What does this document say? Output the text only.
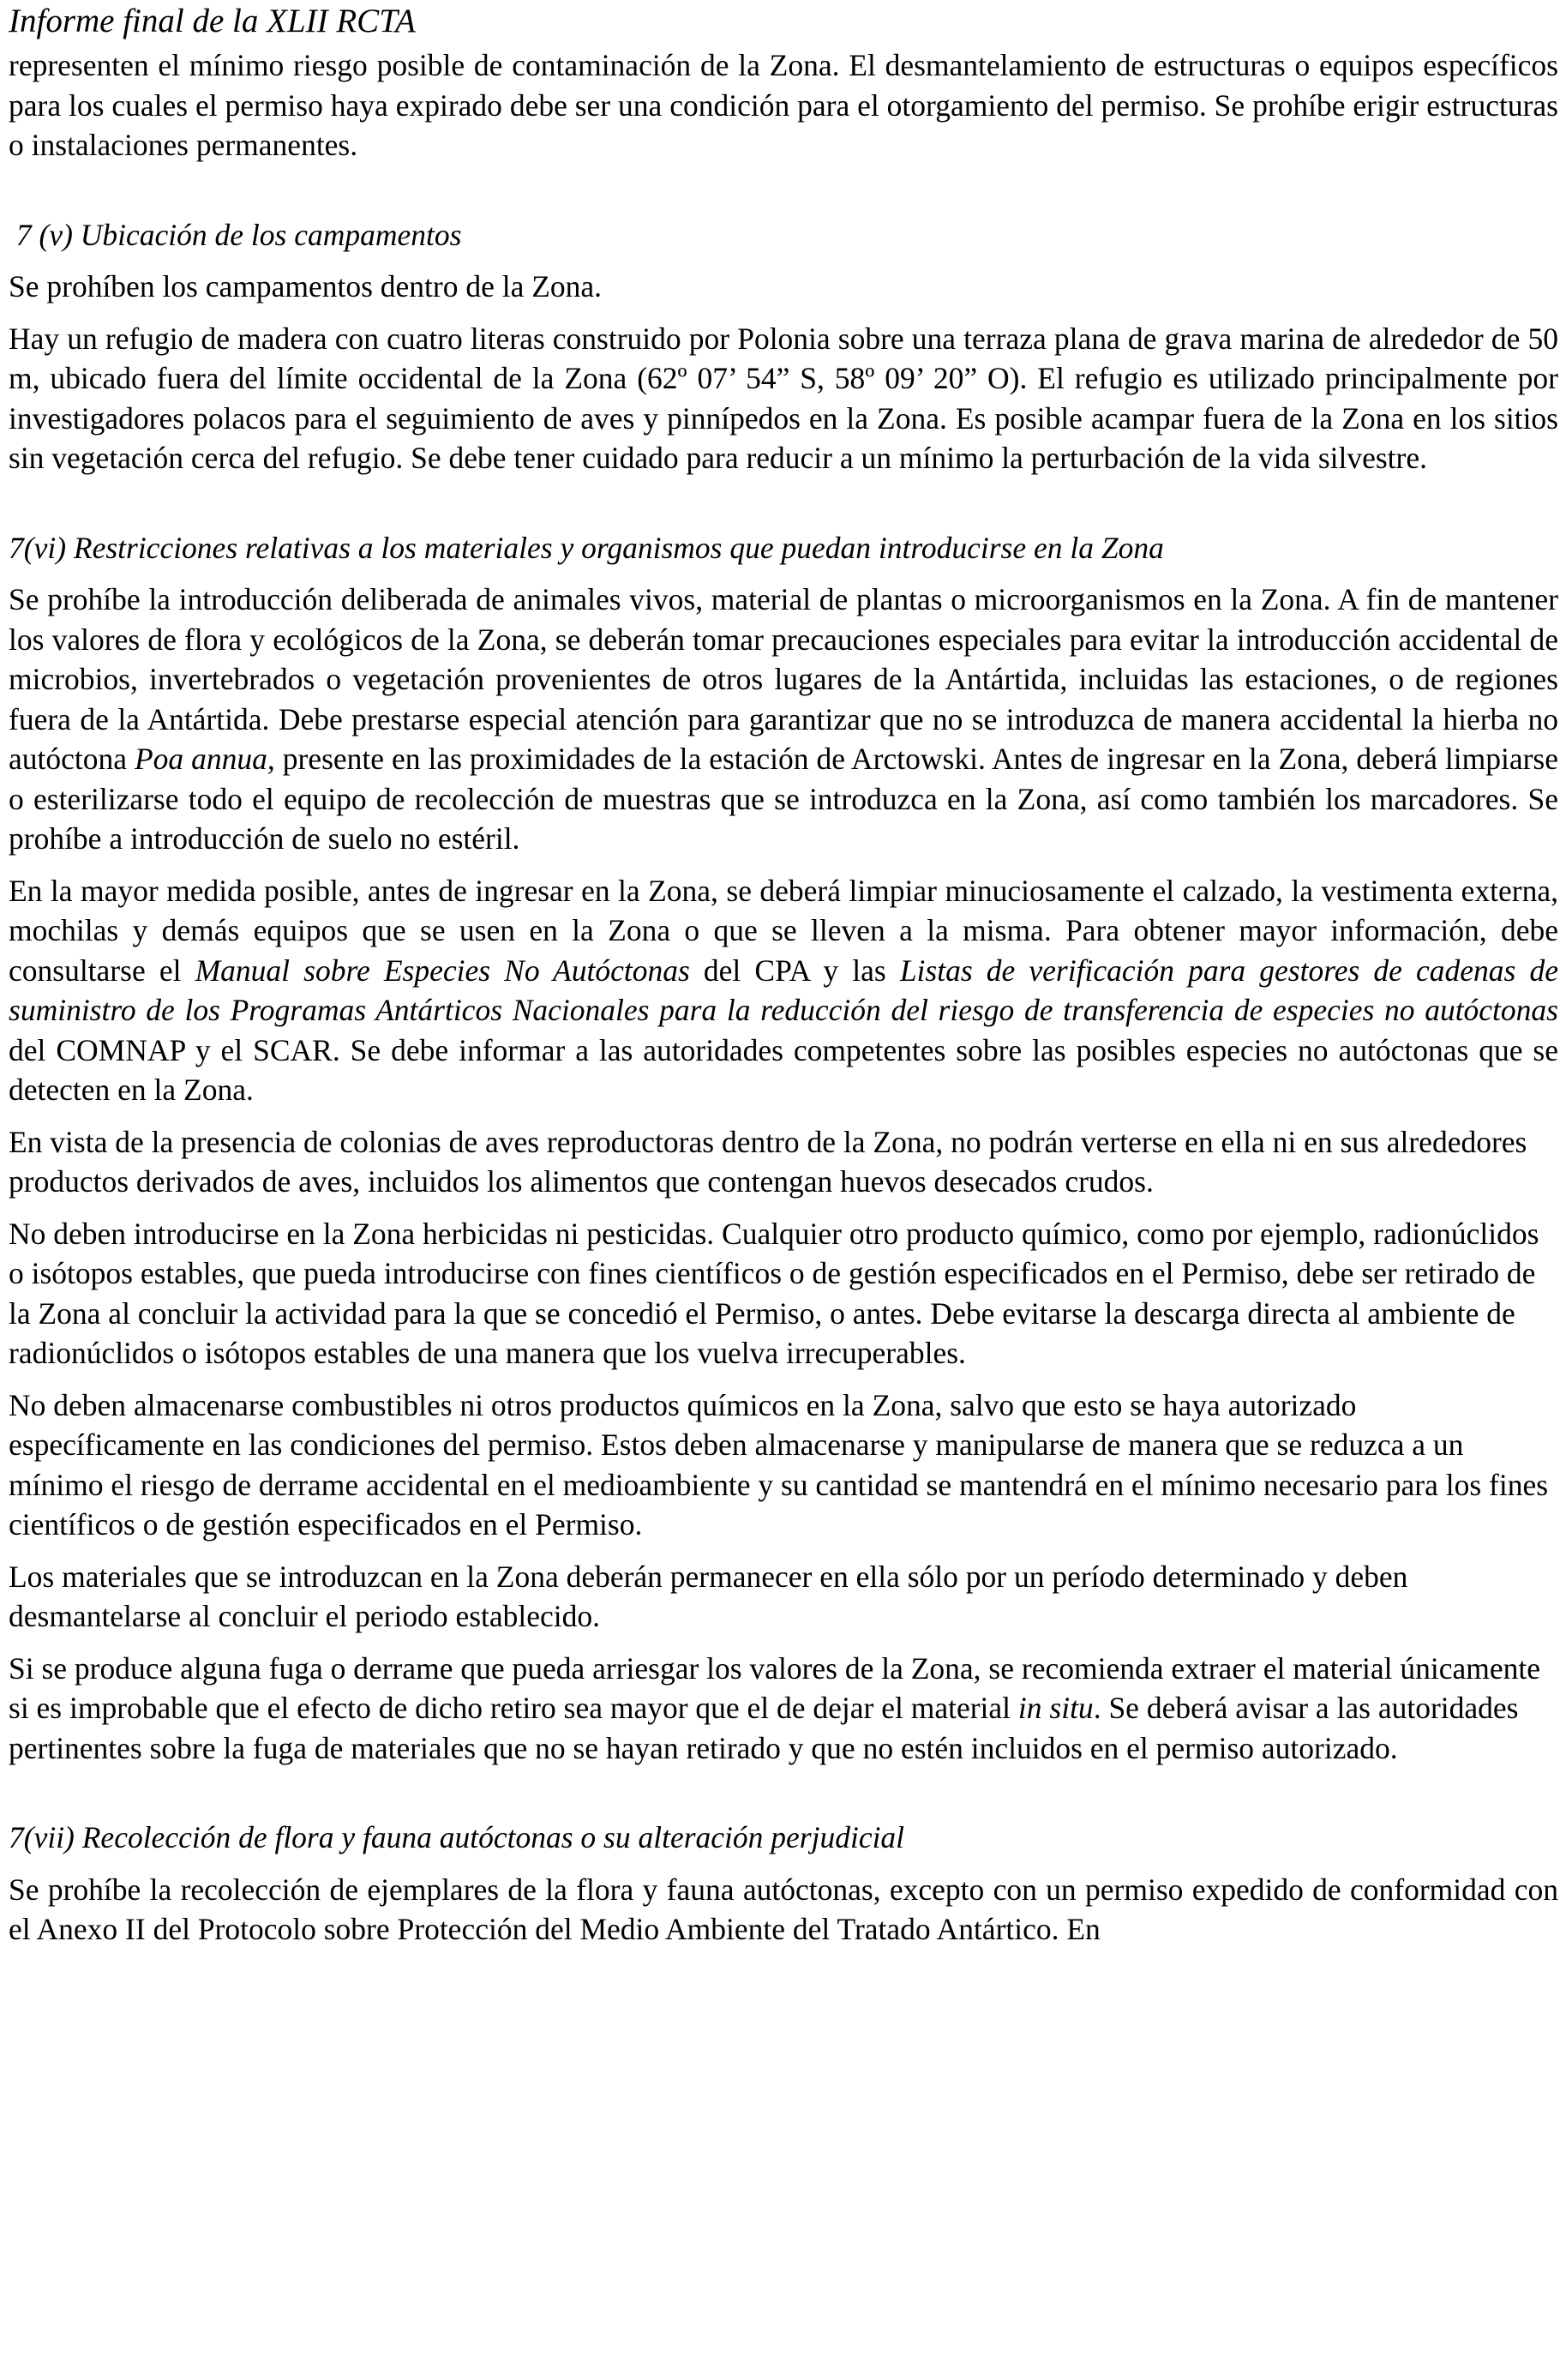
Informe final de la XLII RCTA

representen el mínimo riesgo posible de contaminación de la Zona. El desmantelamiento de estructuras o equipos específicos para los cuales el permiso haya expirado debe ser una condición para el otorgamiento del permiso. Se prohíbe erigir estructuras o instalaciones permanentes.

7 (v) Ubicación de los campamentos

Se prohíben los campamentos dentro de la Zona.

Hay un refugio de madera con cuatro literas construido por Polonia sobre una terraza plana de grava marina de alrededor de 50 m, ubicado fuera del límite occidental de la Zona (62º 07’ 54” S, 58º 09’ 20” O). El refugio es utilizado principalmente por investigadores polacos para el seguimiento de aves y pinnípedos en la Zona. Es posible acampar fuera de la Zona en los sitios sin vegetación cerca del refugio. Se debe tener cuidado para reducir a un mínimo la perturbación de la vida silvestre.

7(vi) Restricciones relativas a los materiales y organismos que puedan introducirse en la Zona

Se prohíbe la introducción deliberada de animales vivos, material de plantas o microorganismos en la Zona. A fin de mantener los valores de flora y ecológicos de la Zona, se deberán tomar precauciones especiales para evitar la introducción accidental de microbios, invertebrados o vegetación provenientes de otros lugares de la Antártida, incluidas las estaciones, o de regiones fuera de la Antártida. Debe prestarse especial atención para garantizar que no se introduzca de manera accidental la hierba no autóctona Poa annua, presente en las proximidades de la estación de Arctowski. Antes de ingresar en la Zona, deberá limpiarse o esterilizarse todo el equipo de recolección de muestras que se introduzca en la Zona, así como también los marcadores. Se prohíbe a introducción de suelo no estéril.

En la mayor medida posible, antes de ingresar en la Zona, se deberá limpiar minuciosamente el calzado, la vestimenta externa, mochilas y demás equipos que se usen en la Zona o que se lleven a la misma. Para obtener mayor información, debe consultarse el Manual sobre Especies No Autóctonas del CPA y las Listas de verificación para gestores de cadenas de suministro de los Programas Antárticos Nacionales para la reducción del riesgo de transferencia de especies no autóctonas del COMNAP y el SCAR. Se debe informar a las autoridades competentes sobre las posibles especies no autóctonas que se detecten en la Zona.

En vista de la presencia de colonias de aves reproductoras dentro de la Zona, no podrán verterse en ella ni en sus alrededores productos derivados de aves, incluidos los alimentos que contengan huevos desecados crudos.

No deben introducirse en la Zona herbicidas ni pesticidas. Cualquier otro producto químico, como por ejemplo, radionúclidos o isótopos estables, que pueda introducirse con fines científicos o de gestión especificados en el Permiso, debe ser retirado de la Zona al concluir la actividad para la que se concedió el Permiso, o antes. Debe evitarse la descarga directa al ambiente de radionúclidos o isótopos estables de una manera que los vuelva irrecuperables.

No deben almacenarse combustibles ni otros productos químicos en la Zona, salvo que esto se haya autorizado específicamente en las condiciones del permiso. Estos deben almacenarse y manipularse de manera que se reduzca a un mínimo el riesgo de derrame accidental en el medioambiente y su cantidad se mantendrá en el mínimo necesario para los fines científicos o de gestión especificados en el Permiso.

Los materiales que se introduzcan en la Zona deberán permanecer en ella sólo por un período determinado y deben desmantelarse al concluir el periodo establecido.

Si se produce alguna fuga o derrame que pueda arriesgar los valores de la Zona, se recomienda extraer el material únicamente si es improbable que el efecto de dicho retiro sea mayor que el de dejar el material in situ. Se deberá avisar a las autoridades pertinentes sobre la fuga de materiales que no se hayan retirado y que no estén incluidos en el permiso autorizado.

7(vii) Recolección de flora y fauna autóctonas o su alteración perjudicial

Se prohíbe la recolección de ejemplares de la flora y fauna autóctonas, excepto con un permiso expedido de conformidad con el Anexo II del Protocolo sobre Protección del Medio Ambiente del Tratado Antártico. En
